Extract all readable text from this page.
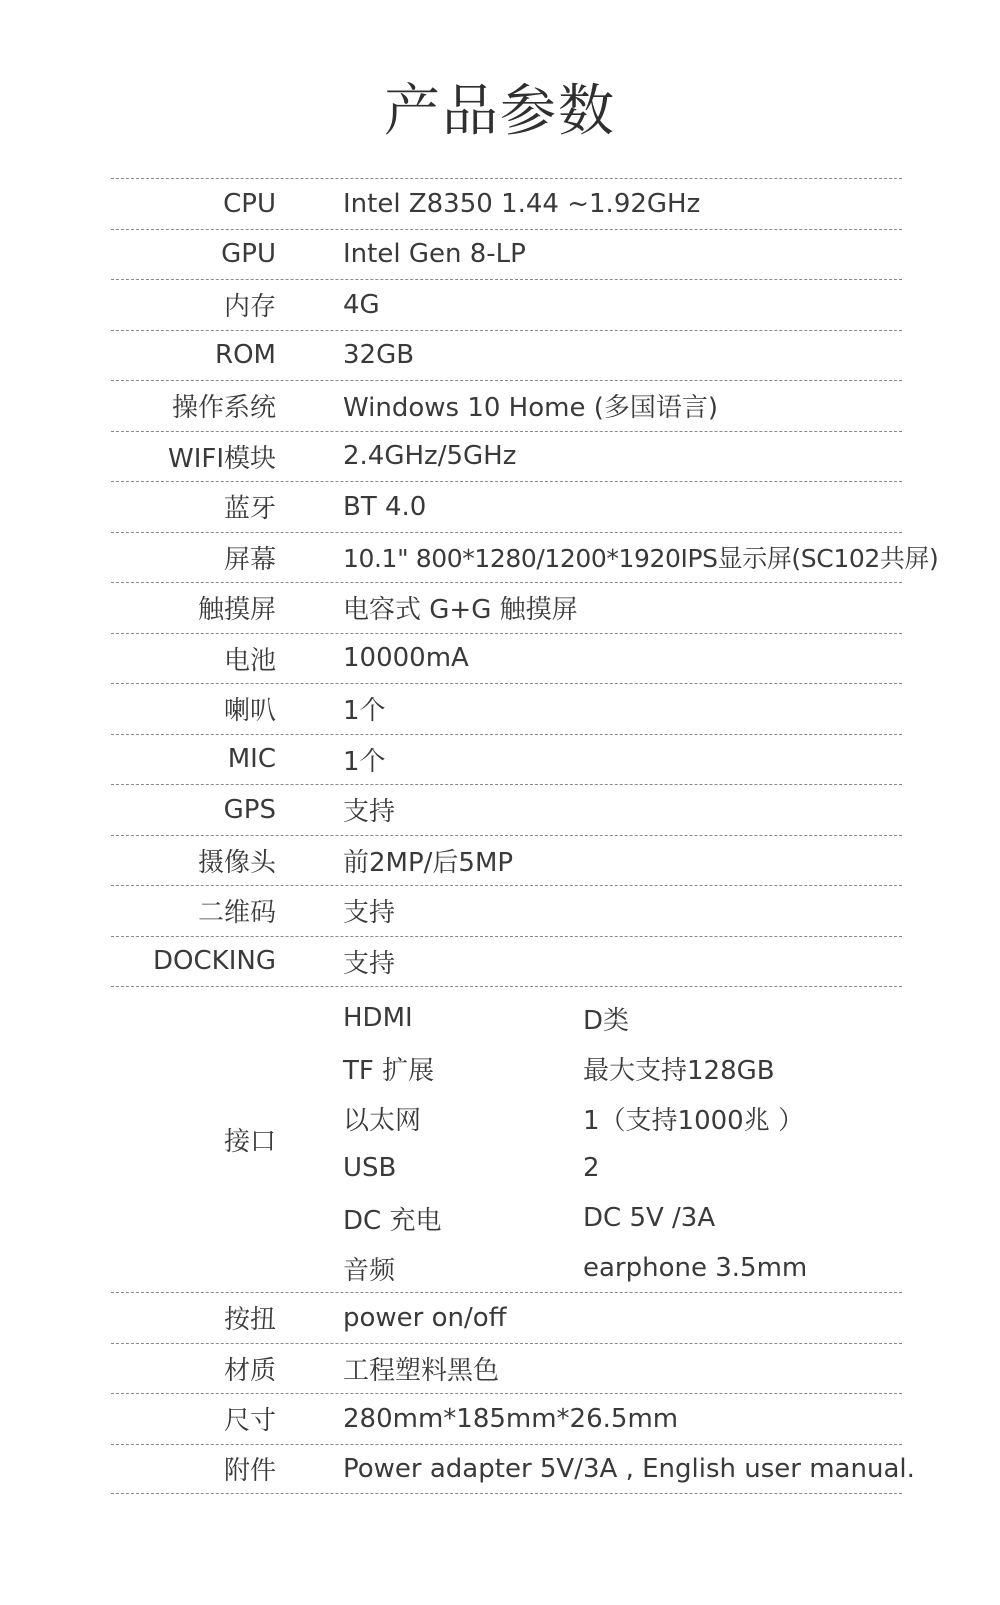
产品参数
CPU	Intel Z8350 1.44 ~1.92GHz
GPU	Intel Gen 8-LP
内存	4G
ROM	32GB
操作系统	Windows 10 Home (多国语言)
WIFI模块	2.4GHz/5GHz
蓝牙	BT 4.0
屏幕	10.1" 800*1280/1200*1920IPS显示屏(SC102共屏)
触摸屏	电容式 G+G 触摸屏
电池	10000mA
喇叭	1个
MIC	1个
GPS	支持
摄像头	前2MP/后5MP
二维码	支持
DOCKING	支持
接口
HDMI	D类
TF 扩展	最大支持128GB
以太网	1（支持1000兆 ）
USB	2
DC 充电	DC 5V /3A
音频	earphone 3.5mm
按扭	power on/off
材质	工程塑料黑色
尺寸	280mm*185mm*26.5mm
附件	Power adapter 5V/3A , English user manual.
